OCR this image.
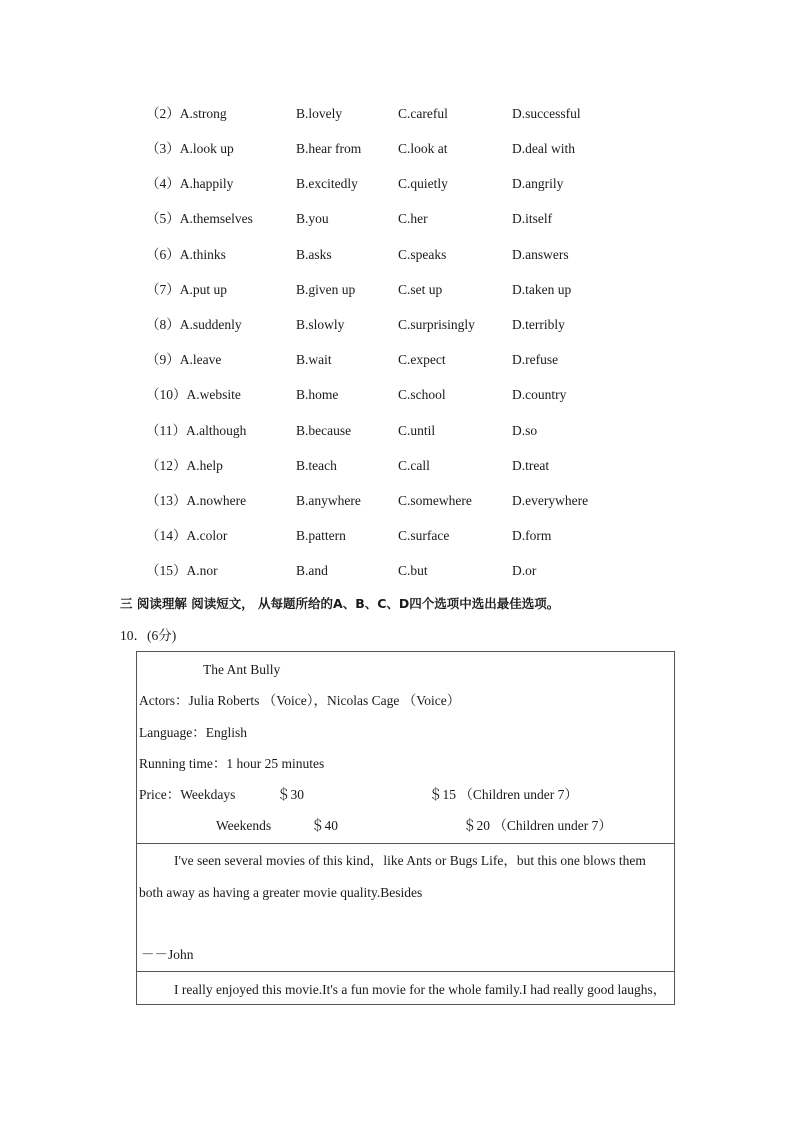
（2）A.strong	B.lovely	C.careful	D.successful
（3）A.look up	B.hear from	C.look at	D.deal with
（4）A.happily	B.excitedly	C.quietly	D.angrily
（5）A.themselves	B.you	C.her	D.itself
（6）A.thinks	B.asks	C.speaks	D.answers
（7）A.put up	B.given up	C.set up	D.taken up
（8）A.suddenly	B.slowly	C.surprisingly	D.terribly
（9）A.leave	B.wait	C.expect	D.refuse
（10）A.website	B.home	C.school	D.country
（11）A.although	B.because	C.until	D.so
（12）A.help	B.teach	C.call	D.treat
（13）A.nowhere	B.anywhere	C.somewhere	D.everywhere
（14）A.color	B.pattern	C.surface	D.form
（15）A.nor	B.and	C.but	D.or
三 阅读理解 阅读短文， 从每题所给的A、B、C、D四个选项中选出最佳选项。
10．(6分)
The Ant Bully
Actors：Julia Roberts （Voice），Nicolas Cage （Voice）
Language：English
Running time：1 hour 25 minutes
Price：Weekdays	＄30	＄15 （Children under 7）
Weekends	＄40	＄20 （Children under 7）
I've seen several movies of this kind，like Ants or Bugs Life，but this one blows them
both away as having a greater movie quality.Besides
－－John
I really enjoyed this movie.It's a fun movie for the whole family.I had really good laughs，
